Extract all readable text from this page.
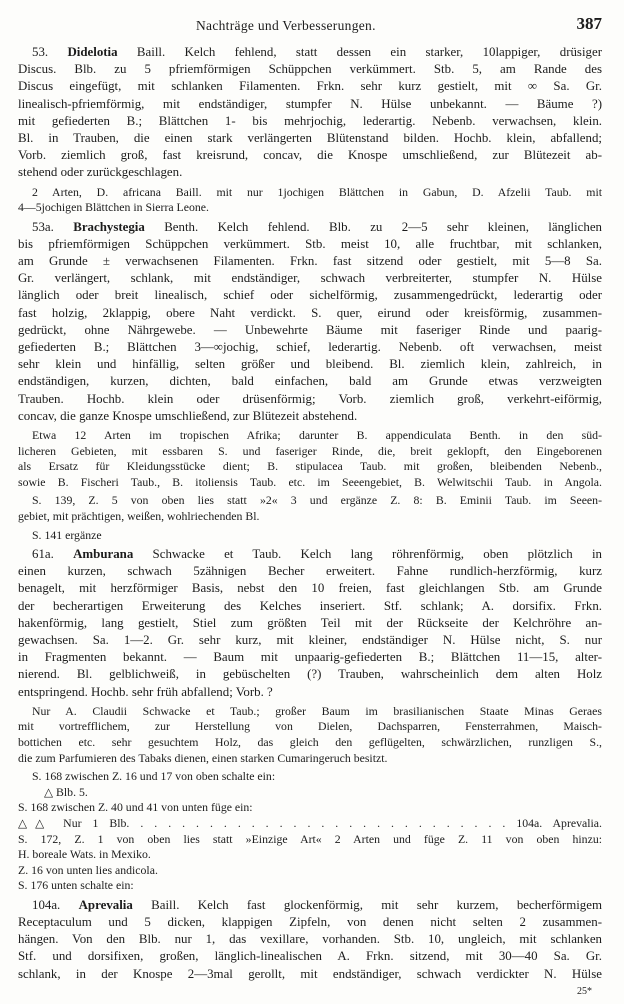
Nachträge und Verbesserungen.	387
53. Didelotia Baill. Kelch fehlend, statt dessen ein starker, 10lappiger, drüsiger
Discus. Blb. zu 5 pfriemförmigen Schüppchen verkümmert. Stb. 5, am Rande des
Discus eingefügt, mit schlanken Filamenten. Frkn. sehr kurz gestielt, mit ∞ Sa. Gr.
linealisch-pfriemförmig, mit endständiger, stumpfer N. Hülse unbekannt. — Bäume ?)
mit gefiederten B.; Blättchen 1- bis mehrjochig, lederartig. Nebenb. verwachsen, klein.
Bl. in Trauben, die einen stark verlängerten Blütenstand bilden. Hochb. klein, abfallend;
Vorb. ziemlich groß, fast kreisrund, concav, die Knospe umschließend, zur Blütezeit ab-
stehend oder zurückgeschlagen.
2 Arten, D. africana Baill. mit nur 1jochigen Blättchen in Gabun, D. Afzelii Taub. mit
4—5jochigen Blättchen in Sierra Leone.
53a. Brachystegia Benth. Kelch fehlend. Blb. zu 2—5 sehr kleinen, länglichen
bis pfriemförmigen Schüppchen verkümmert. Stb. meist 10, alle fruchtbar, mit schlanken,
am Grunde ± verwachsenen Filamenten. Frkn. fast sitzend oder gestielt, mit 5—8 Sa.
Gr. verlängert, schlank, mit endständiger, schwach verbreiterter, stumpfer N. Hülse
länglich oder breit linealisch, schief oder sichelförmig, zusammengedrückt, lederartig oder
fast holzig, 2klappig, obere Naht verdickt. S. quer, eirund oder kreisförmig, zusammen-
gedrückt, ohne Nährgewebe. — Unbewehrte Bäume mit faseriger Rinde und paarig-
gefiederten B.; Blättchen 3—∞jochig, schief, lederartig. Nebenb. oft verwachsen, meist
sehr klein und hinfällig, selten größer und bleibend. Bl. ziemlich klein, zahlreich, in
endständigen, kurzen, dichten, bald einfachen, bald am Grunde etwas verzweigten
Trauben. Hochb. klein oder drüsenförmig; Vorb. ziemlich groß, verkehrt-eiförmig,
concav, die ganze Knospe umschließend, zur Blütezeit abstehend.
Etwa 12 Arten im tropischen Afrika; darunter B. appendiculata Benth. in den süd-
licheren Gebieten, mit essbaren S. und faseriger Rinde, die, breit geklopft, den Eingeborenen
als Ersatz für Kleidungsstücke dient; B. stipulacea Taub. mit großen, bleibenden Nebenb.,
sowie B. Fischeri Taub., B. itoliensis Taub. etc. im Seeengebiet, B. Welwitschii Taub. in Angola.
S. 139, Z. 5 von oben lies statt »2« 3 und ergänze Z. 8: B. Eminii Taub. im Seeen-
gebiet, mit prächtigen, weißen, wohlriechenden Bl.
S. 141 ergänze
61a. Amburana Schwacke et Taub. Kelch lang röhrenförmig, oben plötzlich in
einen kurzen, schwach 5zähnigen Becher erweitert. Fahne rundlich-herzförmig, kurz
benagelt, mit herzförmiger Basis, nebst den 10 freien, fast gleichlangen Stb. am Grunde
der becherartigen Erweiterung des Kelches inseriert. Stf. schlank; A. dorsifix. Frkn.
hakenförmig, lang gestielt, Stiel zum größten Teil mit der Rückseite der Kelchröhre an-
gewachsen. Sa. 1—2. Gr. sehr kurz, mit kleiner, endständiger N. Hülse nicht, S. nur
in Fragmenten bekannt. — Baum mit unpaarig-gefiederten B.; Blättchen 11—15, alter-
nierend. Bl. gelblichweiß, in gebüschelten (?) Trauben, wahrscheinlich dem alten Holz
entspringend. Hochb. sehr früh abfallend; Vorb. ?
Nur A. Claudii Schwacke et Taub.; großer Baum im brasilianischen Staate Minas Geraes
mit vortrefflichem, zur Herstellung von Dielen, Dachsparren, Fensterrahmen, Maisch-
bottichen etc. sehr gesuchtem Holz, das gleich den geflügelten, schwärzlichen, runzligen S.,
die zum Parfumieren des Tabaks dienen, einen starken Cumaringeruch besitzt.
S. 168 zwischen Z. 16 und 17 von oben schalte ein:
△ Blb. 5.
S. 168 zwischen Z. 40 und 41 von unten füge ein:
△△ Nur 1 Blb. . . . . . . . . . . . . . . . . . . . . . . . . . . . 104a. Aprevalia.
S. 172, Z. 1 von oben lies statt »Einzige Art« 2 Arten und füge Z. 11 von oben hinzu:
H. boreale Wats. in Mexiko.
Z. 16 von unten lies andicola.
S. 176 unten schalte ein:
104a. Aprevalia Baill. Kelch fast glockenförmig, mit sehr kurzem, becherförmigem
Receptaculum und 5 dicken, klappigen Zipfeln, von denen nicht selten 2 zusammen-
hängen. Von den Blb. nur 1, das vexillare, vorhanden. Stb. 10, ungleich, mit schlanken
Stf. und dorsifixen, großen, länglich-linealischen A. Frkn. sitzend, mit 30—40 Sa. Gr.
schlank, in der Knospe 2—3mal gerollt, mit endständiger, schwach verdickter N. Hülse
25*
